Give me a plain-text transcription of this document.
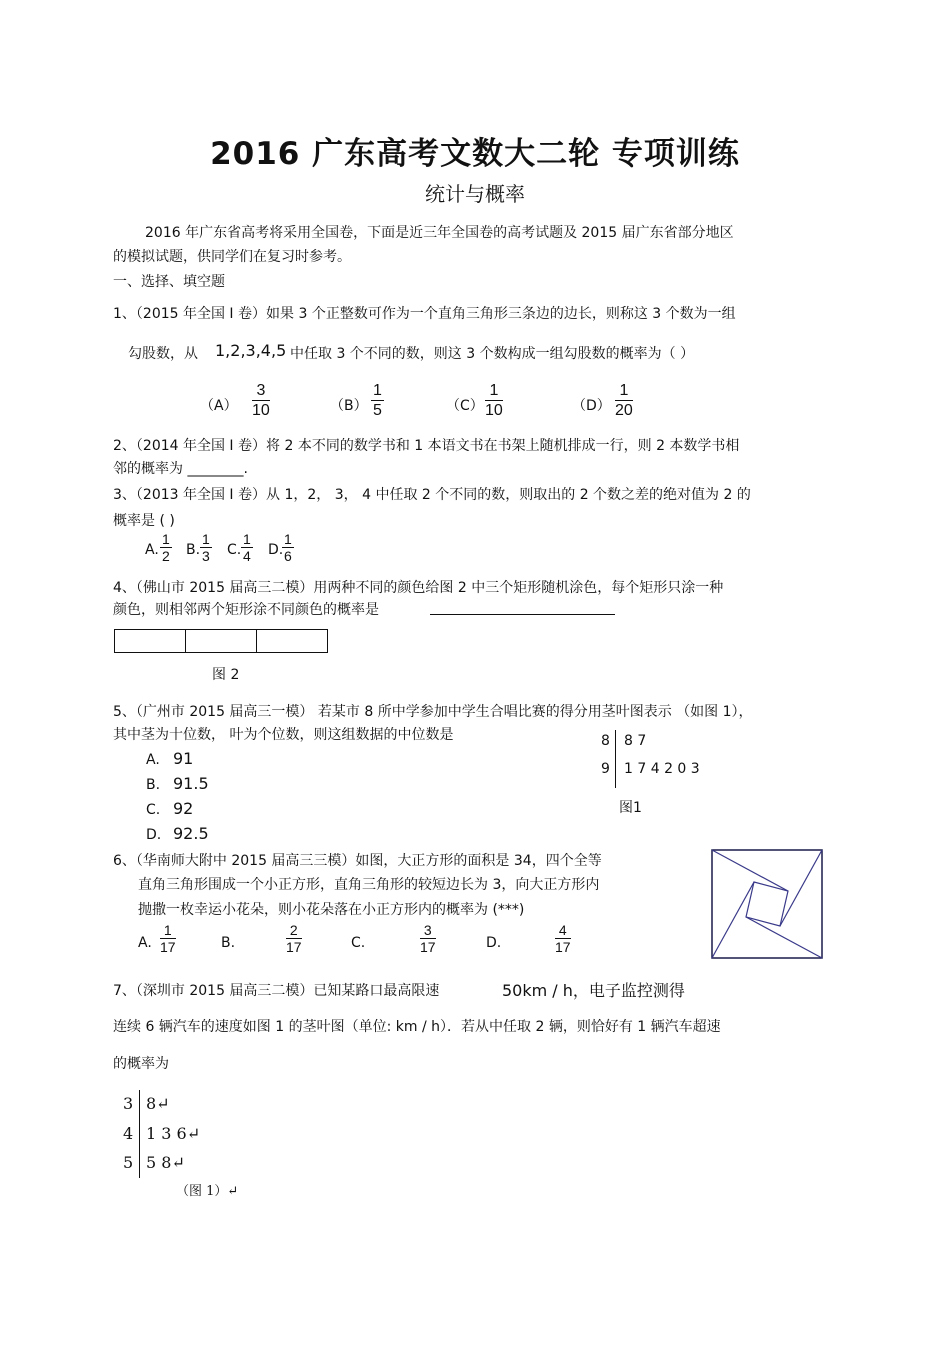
2016 广东高考文数大二轮 专项训练
统计与概率
2016 年广东省高考将采用全国卷，下面是近三年全国卷的高考试题及 2015 届广东省部分地区
的模拟试题，供同学们在复习时参考。
一、选择、填空题
1、（2015 年全国 I 卷）如果 3 个正整数可作为一个直角三角形三条边的边长，则称这 3 个数为一组
勾股数，从 1,2,3,4,5 中任取 3 个不同的数，则这 3 个数构成一组勾股数的概率为（ ）
$(A) \frac{3}{10}$	$(B) \frac{1}{5}$	$(C) \frac{1}{10}$	$(D) \frac{1}{20}$
2、（2014 年全国 I 卷）将 2 本不同的数学书和 1 本语文书在书架上随机排成一行，则 2 本数学书相
邻的概率为 ________.
3、（2013 年全国 I 卷）从 1，2， 3， 4 中任取 2 个不同的数，则取出的 2 个数之差的绝对值为 2 的
概率是 ( )
A. $\frac{1}{2} B$. $\frac{1}{3} C$. $\frac{1}{4} D$.
$\frac{1}{6}$
4、（佛山市 2015 届高三二模）用两种不同的颜色给图 2 中三个矩形随机涂色，每个矩形只涂一种
颜色，则相邻两个矩形涂不同颜色的概率是
图 2
5、（广州市 2015 届高三一模） 若某市 8 所中学参加中学生合唱比赛的得分用茎叶图表示 （如图 1），
其中茎为十位数， 叶为个位数，则这组数据的中位数是
A. 91
B. 91.5
C. 92
D. 92.5
8 8 7
9 1 7 4 2 0 3
图1
6、（华南师大附中 2015 届高三三模）如图，大正方形的面积是 34，四个全等
直角三角形围成一个小正方形，直角三角形的较短边长为 3，向大正方形内
抛撒一枚幸运小花朵，则小花朵落在小正方形内的概率为 (***)
A. $\frac{1}{17}$	B.	$\frac{2}{17}$	C.	$\frac{3}{17}$	D.	$\frac{4}{17}$
7、（深圳市 2015 届高三二模）已知某路口最高限速	50km / h，电子监控测得
连续 6 辆汽车的速度如图 1 的茎叶图（单位: km / h）．若从中任取 2 辆，则恰好有 1 辆汽车超速
的概率为
3 8↵
4 1 3 6↵
5 5 8↵
（图 1）↵
